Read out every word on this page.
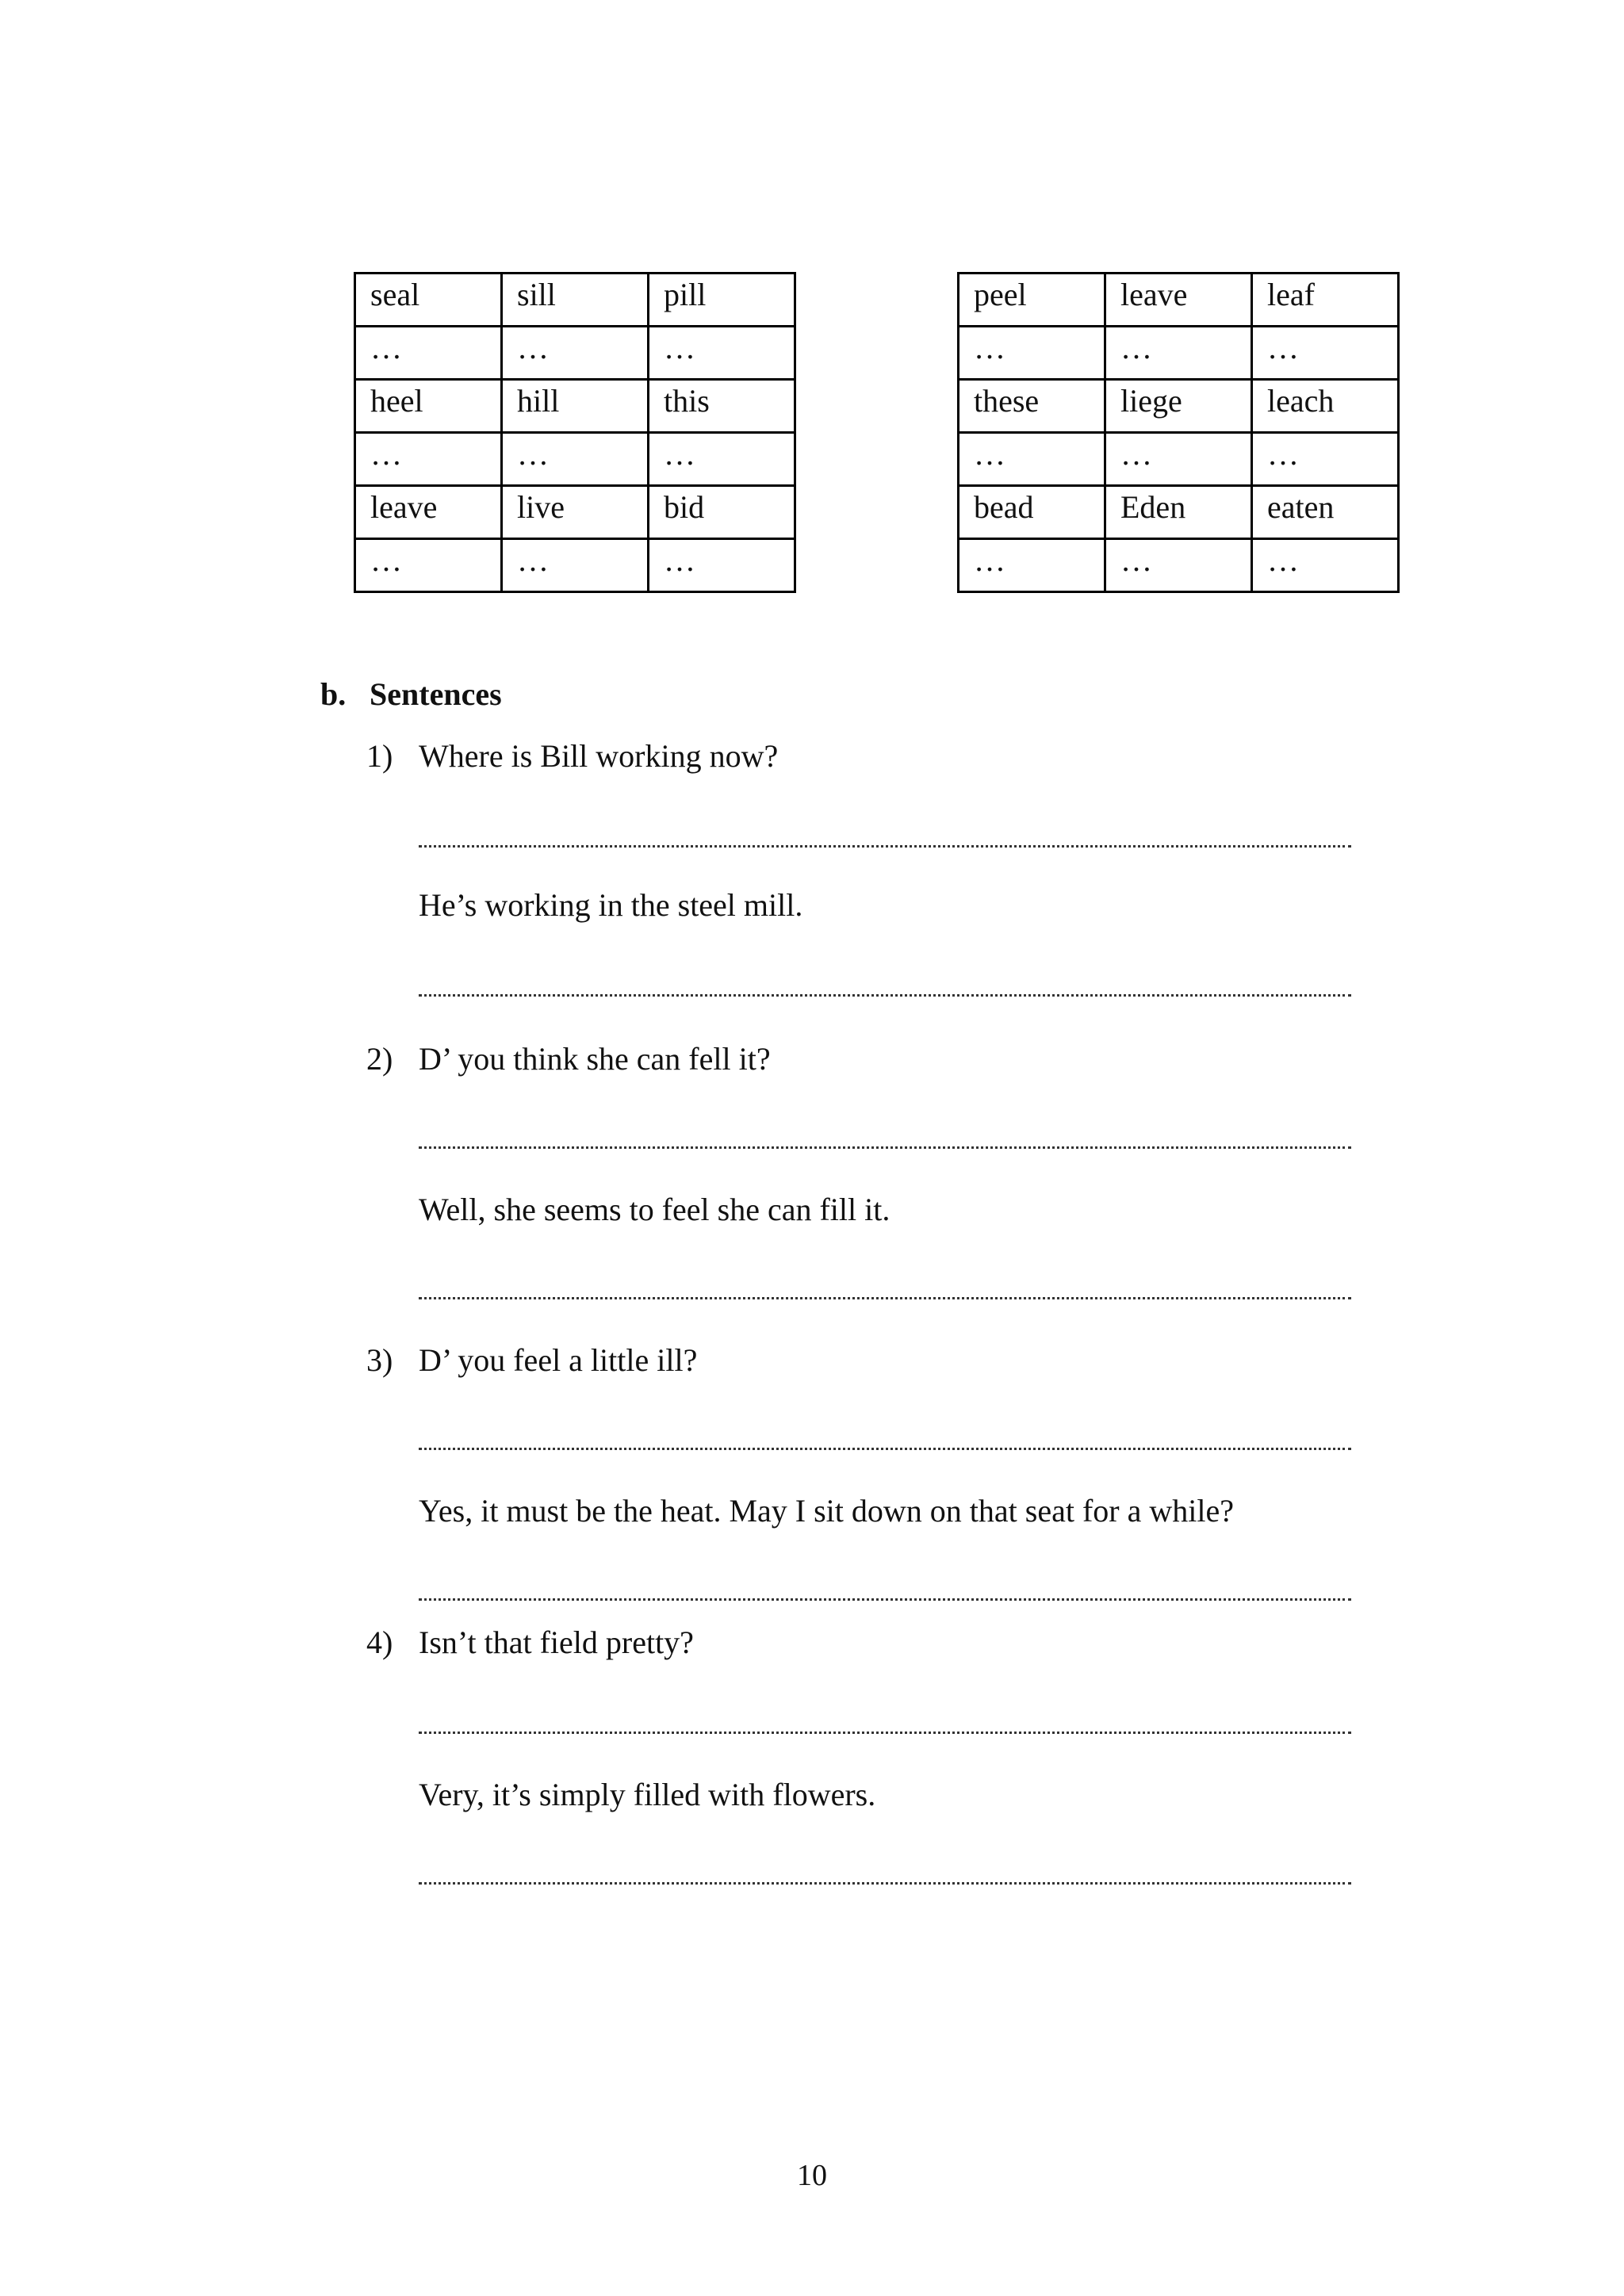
seal	sill	pill
…	…	…
heel	hill	this
…	…	…
leave	live	bid
…	…	…
peel	leave	leaf
…	…	…
these	liege	leach
…	…	…
bead	Eden	eaten
…	…	…
b. Sentences
1) Where is Bill working now?
He’s working in the steel mill.
2) D’ you think she can fell it?
Well, she seems to feel she can fill it.
3) D’ you feel a little ill?
Yes, it must be the heat. May I sit down on that seat for a while?
4) Isn’t that field pretty?
Very, it’s simply filled with flowers.
10
